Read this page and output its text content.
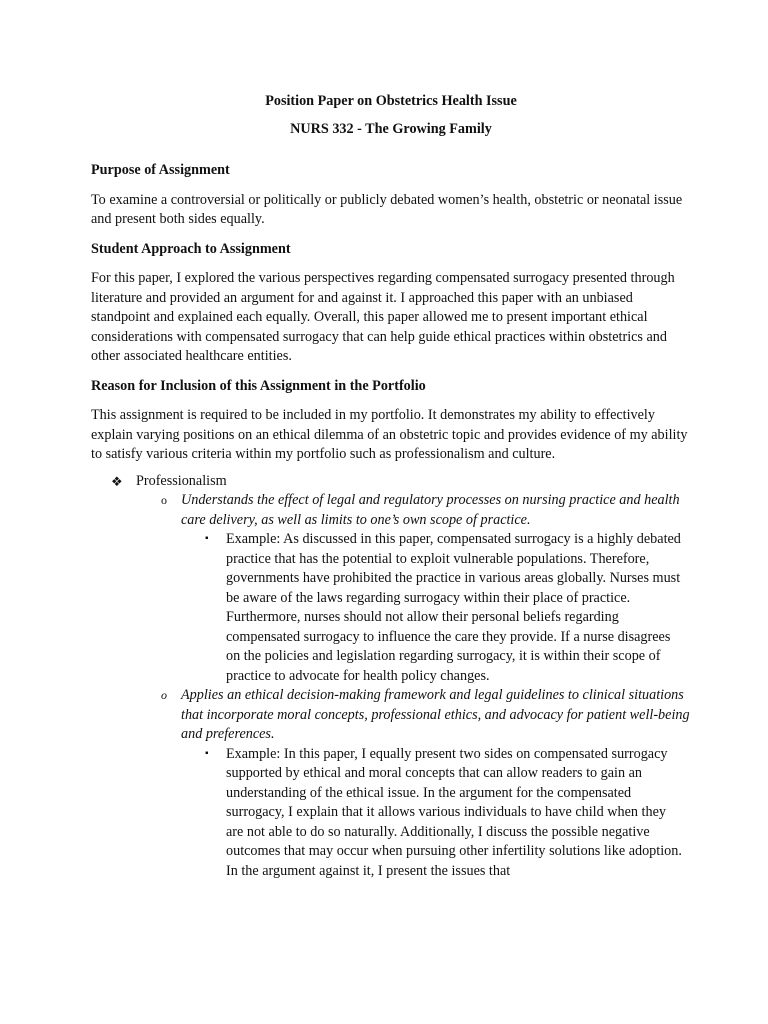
Position Paper on Obstetrics Health Issue

NURS 332 - The Growing Family

Purpose of Assignment

To examine a controversial or politically or publicly debated women’s health, obstetric or neonatal issue and present both sides equally.

Student Approach to Assignment

For this paper, I explored the various perspectives regarding compensated surrogacy presented through literature and provided an argument for and against it. I approached this paper with an unbiased standpoint and explained each equally. Overall, this paper allowed me to present important ethical considerations with compensated surrogacy that can help guide ethical practices within obstetrics and other associated healthcare entities.

Reason for Inclusion of this Assignment in the Portfolio

This assignment is required to be included in my portfolio. It demonstrates my ability to effectively explain varying positions on an ethical dilemma of an obstetric topic and provides evidence of my ability to satisfy various criteria within my portfolio such as professionalism and culture.

❖ Professionalism
o Understands the effect of legal and regulatory processes on nursing practice and health care delivery, as well as limits to one’s own scope of practice.
▪ Example: As discussed in this paper, compensated surrogacy is a highly debated practice that has the potential to exploit vulnerable populations. Therefore, governments have prohibited the practice in various areas globally. Nurses must be aware of the laws regarding surrogacy within their place of practice. Furthermore, nurses should not allow their personal beliefs regarding compensated surrogacy to influence the care they provide. If a nurse disagrees on the policies and legislation regarding surrogacy, it is within their scope of practice to advocate for health policy changes.
o Applies an ethical decision-making framework and legal guidelines to clinical situations that incorporate moral concepts, professional ethics, and advocacy for patient well-being and preferences.
▪ Example: In this paper, I equally present two sides on compensated surrogacy supported by ethical and moral concepts that can allow readers to gain an understanding of the ethical issue. In the argument for the compensated surrogacy, I explain that it allows various individuals to have child when they are not able to do so naturally. Additionally, I discuss the possible negative outcomes that may occur when pursuing other infertility solutions like adoption. In the argument against it, I present the issues that
